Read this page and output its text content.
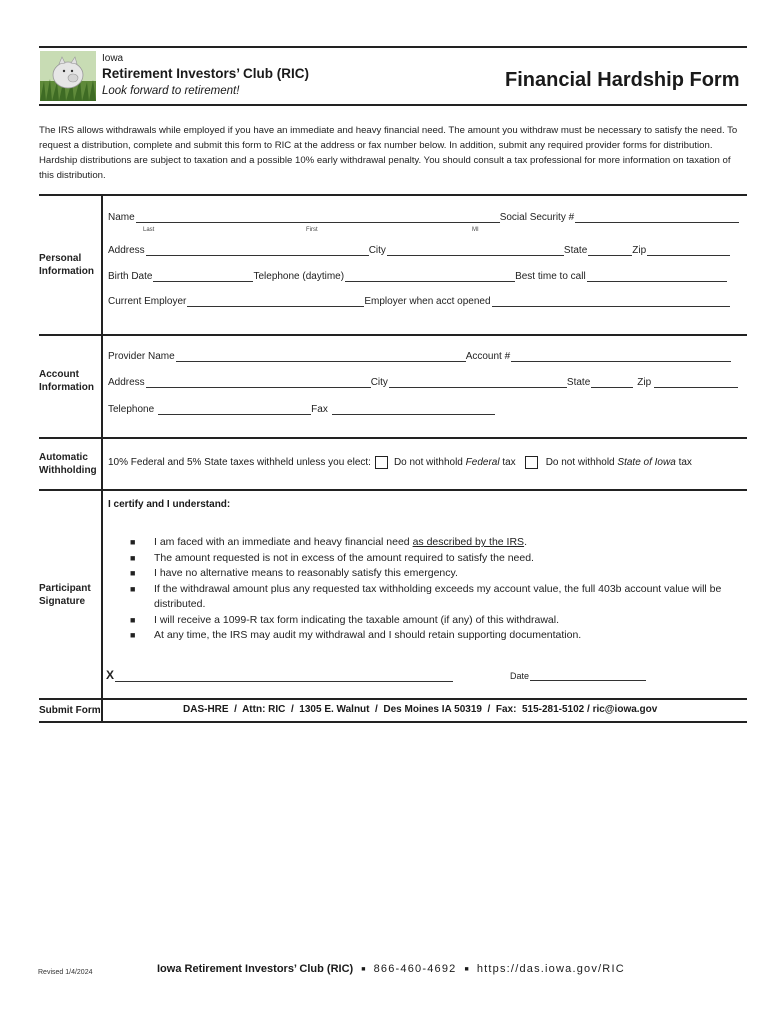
Iowa
Retirement Investors’ Club (RIC)
Look forward to retirement!	Financial Hardship Form
The IRS allows withdrawals while employed if you have an immediate and heavy financial need. The amount you withdraw must be necessary to satisfy the need. To request a distribution, complete and submit this form to RIC at the address or fax number below. In addition, submit any required provider forms for distribution. Hardship distributions are subject to taxation and a possible 10% early withdrawal penalty. You should consult a tax professional for more information on taxation of this distribution.
Personal
Information
Name	Social Security #
Last	First	MI
Address	City	State	Zip
Birth Date	Telephone (daytime)	Best time to call
Current Employer	Employer when acct opened
Account
Information
Provider Name	Account #
Address	City	State	Zip
Telephone	Fax
Automatic
Withholding
10% Federal and 5% State taxes withheld unless you elect: Do not withhold Federal tax	Do not withhold State of Iowa tax
Participant
Signature
I certify and I understand:
■ I am faced with an immediate and heavy financial need as described by the IRS.
■ The amount requested is not in excess of the amount required to satisfy the need.
■ I have no alternative means to reasonably satisfy this emergency.
■ If the withdrawal amount plus any requested tax withholding exceeds my account value, the full 403b account value will be distributed.
■ I will receive a 1099-R tax form indicating the taxable amount (if any) of this withdrawal.
■ At any time, the IRS may audit my withdrawal and I should retain supporting documentation.
X	Date
Submit Form	DAS-HRE  /  Attn: RIC  /  1305 E. Walnut  /  Des Moines IA 50319  /  Fax:  515-281-5102 / ric@iowa.gov
Revised 1/4/2024	Iowa Retirement Investors’ Club (RIC) ■ 866-460-4692 ■ https://das.iowa.gov/RIC
